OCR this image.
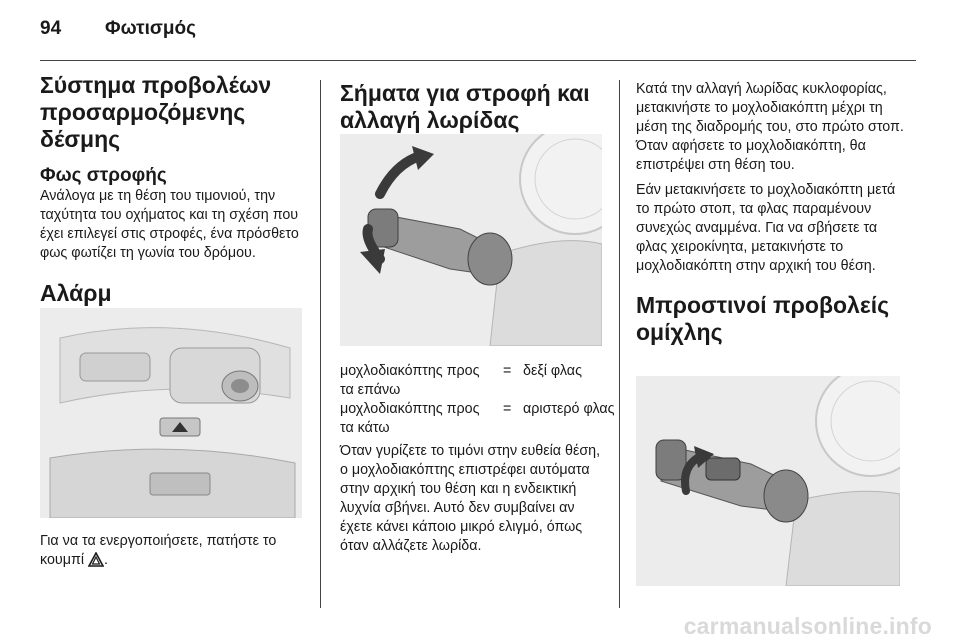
94 Φωτισμός
Σύστημα προβολέων προσαρμοζόμενης δέσμης
Φως στροφής

Ανάλογα με τη θέση του τιμονιού, την ταχύτητα του οχήματος και τη σχέση που έχει επιλεγεί στις στροφές, ένα πρόσθετο φως φωτίζει τη γωνία του δρόμου.

Αλάρμ

Για να τα ενεργοποιήσετε, πατήστε το κουμπί .

Σήματα για στροφή και αλλαγή λωρίδας
μοχλοδιακόπτης προς τα επάνω
= δεξί φλας
μοχλοδιακόπτης προς τα κάτω
= αριστερό φλας

Όταν γυρίζετε το τιμόνι στην ευθεία θέση, ο μοχλοδιακόπτης επιστρέφει αυτόματα στην αρχική του θέση και η ενδεικτική λυχνία σβήνει. Αυτό δεν συμβαίνει αν έχετε κάνει κάποιο μικρό ελιγμό, όπως όταν αλλάζετε λωρίδα.

Κατά την αλλαγή λωρίδας κυκλοφορίας, μετακινήστε το μοχλοδιακόπτη μέχρι τη μέση της διαδρομής του, στο πρώτο στοπ. Όταν αφήσετε το μοχλοδιακόπτη, θα επιστρέψει στη θέση του.

Εάν μετακινήσετε το μοχλοδιακόπτη μετά το πρώτο στοπ, τα φλας παραμένουν συνεχώς αναμμένα. Για να σβήσετε τα φλας χειροκίνητα, μετακινήστε το μοχλοδιακόπτη στην αρχική του θέση.

Μπροστινοί προβολείς ομίχλης
carmanualsonline.info
